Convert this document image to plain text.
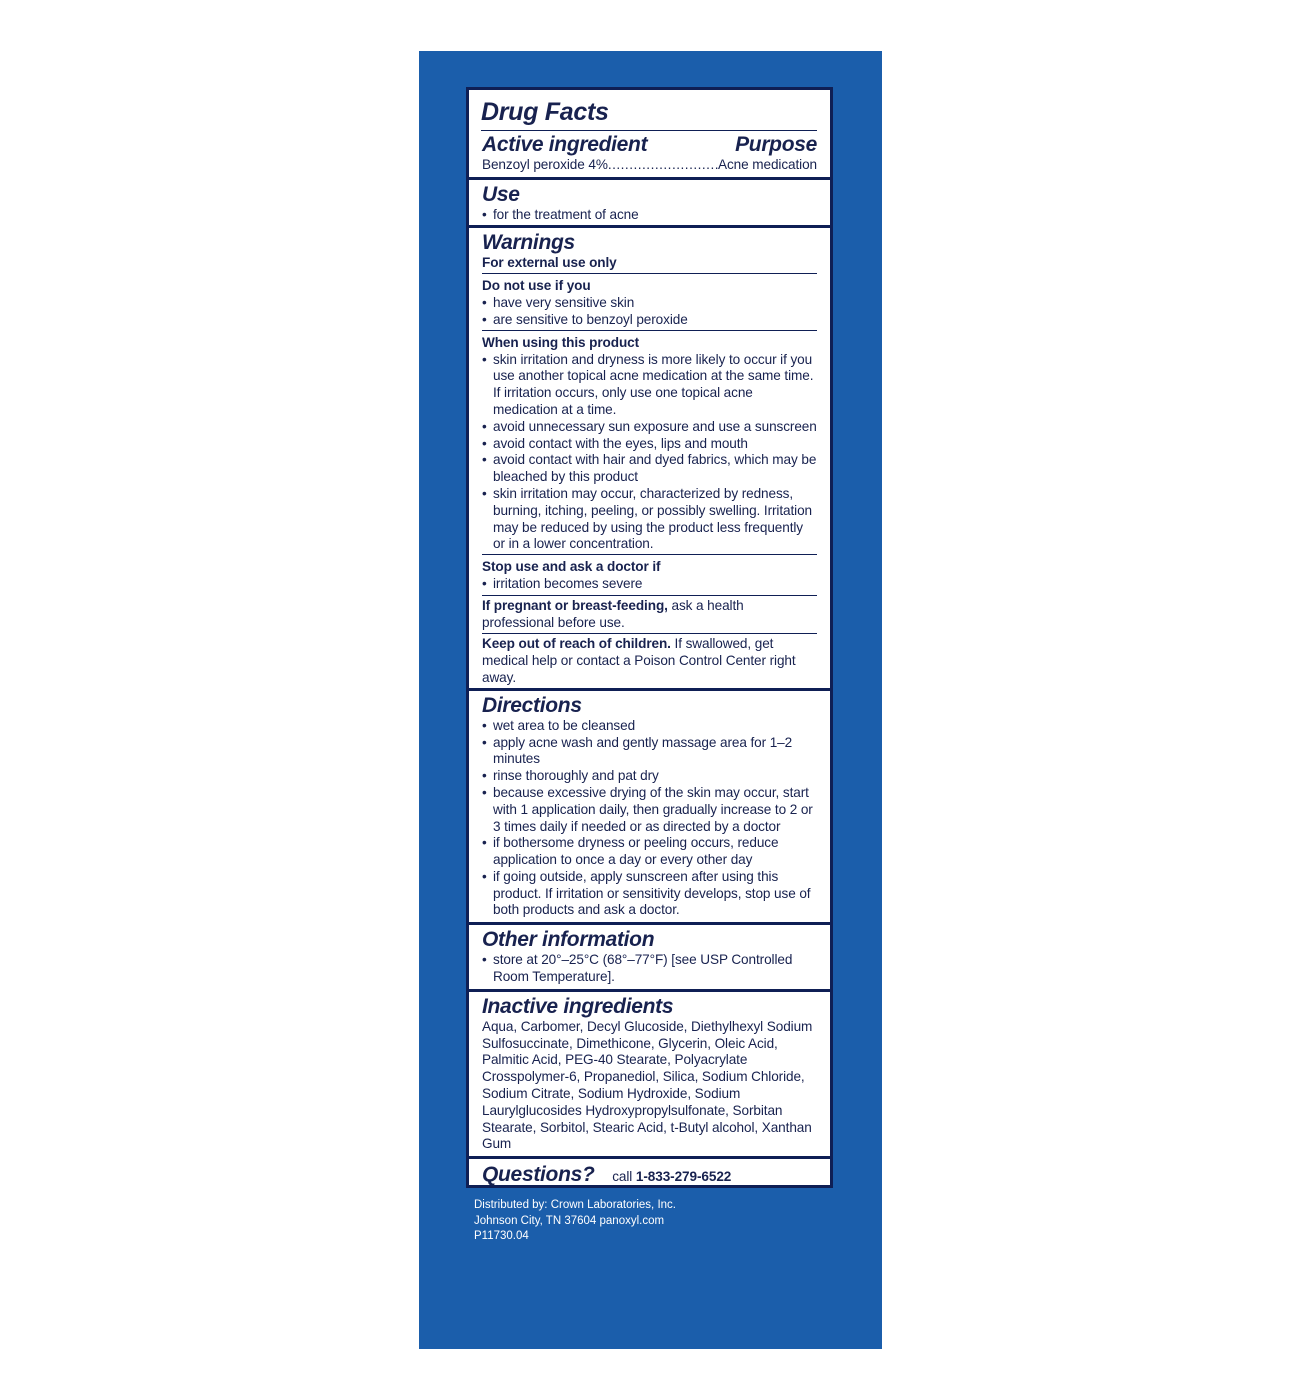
Drug Facts
Active ingredient	Purpose
Benzoyl peroxide 4%
.....	Acne medication
Use
• for the treatment of acne
Warnings
For external use only
Do not use if you
• have very sensitive skin
• are sensitive to benzoyl peroxide
When using this product
• skin irritation and dryness is more likely to occur if you use another topical acne medication at the same time. If irritation occurs, only use one topical acne medication at a time.
• avoid unnecessary sun exposure and use a sunscreen
• avoid contact with the eyes, lips and mouth
• avoid contact with hair and dyed fabrics, which may be bleached by this product
• skin irritation may occur, characterized by redness, burning, itching, peeling, or possibly swelling. Irritation may be reduced by using the product less frequently or in a lower concentration.
Stop use and ask a doctor if
• irritation becomes severe
If pregnant or breast-feeding, ask a health professional before use.
Keep out of reach of children. If swallowed, get medical help or contact a Poison Control Center right away.
Directions
• wet area to be cleansed
• apply acne wash and gently massage area for 1–2 minutes
• rinse thoroughly and pat dry
• because excessive drying of the skin may occur, start with 1 application daily, then gradually increase to 2 or 3 times daily if needed or as directed by a doctor
• if bothersome dryness or peeling occurs, reduce application to once a day or every other day
• if going outside, apply sunscreen after using this product. If irritation or sensitivity develops, stop use of both products and ask a doctor.
Other information
• store at 20°–25°C (68°–77°F) [see USP Controlled Room Temperature].
Inactive ingredients
Aqua, Carbomer, Decyl Glucoside, Diethylhexyl Sodium Sulfosuccinate, Dimethicone, Glycerin, Oleic Acid, Palmitic Acid, PEG-40 Stearate, Polyacrylate Crosspolymer-6, Propanediol, Silica, Sodium Chloride, Sodium Citrate, Sodium Hydroxide, Sodium Laurylglucosides Hydroxypropylsulfonate, Sorbitan Stearate, Sorbitol, Stearic Acid, t-Butyl alcohol, Xanthan Gum
Questions? call 1-833-279-6522
Distributed by: Crown Laboratories, Inc.
Johnson City, TN 37604 panoxyl.com
P11730.04
